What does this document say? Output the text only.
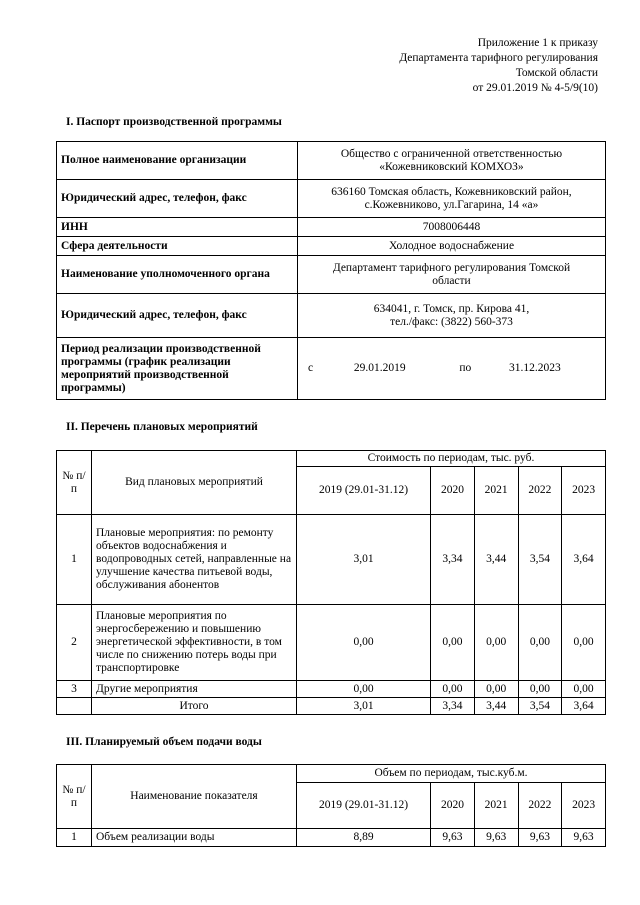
Приложение 1 к приказу
Департамента тарифного регулирования
Томской области
от 29.01.2019 № 4-5/9(10)
I. Паспорт производственной программы
Полное наименование организации	Общество с ограниченной ответственностью
«Кожевниковский КОМХОЗ»
Юридический адрес, телефон, факс	636160 Томская область, Кожевниковский район,
с.Кожевниково, ул.Гагарина, 14 «а»
ИНН	7008006448
Сфера деятельности	Холодное водоснабжение
Наименование уполномоченного органа	Департамент тарифного регулирования Томской
области
Юридический адрес, телефон, факс	634041, г. Томск, пр. Кирова 41,
тел./факс: (3822) 560-373
Период реализации производственной программы (график реализации мероприятий производственной программы)	с 29.01.2019 по 31.12.2023
II. Перечень плановых мероприятий
№ п/п	Вид плановых мероприятий	Стоимость по периодам, тыс. руб.				
		2019 (29.01-31.12)	2020	2021	2022	2023
1	Плановые мероприятия: по ремонту объектов водоснабжения и водопроводных сетей, направленные на улучшение качества питьевой воды, обслуживания абонентов	3,01	3,34	3,44	3,54	3,64
2	Плановые мероприятия по энергосбережению и повышению энергетической эффективности, в том числе по снижению потерь воды при транспортировке	0,00	0,00	0,00	0,00	0,00
3	Другие мероприятия	0,00	0,00	0,00	0,00	0,00
	Итого	3,01	3,34	3,44	3,54	3,64
III. Планируемый объем подачи воды
№ п/п	Наименование показателя	Объем по периодам, тыс.куб.м.				
		2019 (29.01-31.12)	2020	2021	2022	2023
1	Объем реализации воды	8,89	9,63	9,63	9,63	9,63
